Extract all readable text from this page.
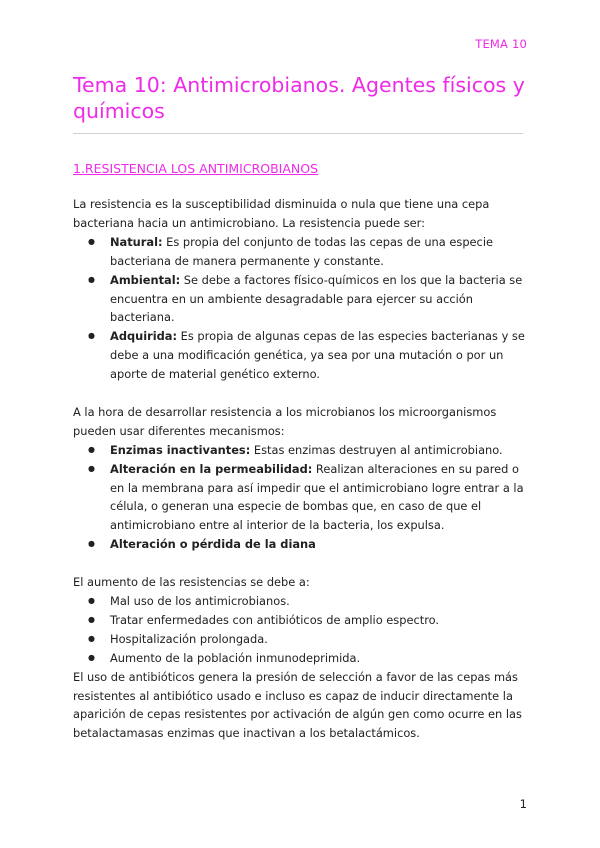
TEMA 10
Tema 10: Antimicrobianos. Agentes físicos y químicos
1.RESISTENCIA LOS ANTIMICROBIANOS

La resistencia es la susceptibilidad disminuida o nula que tiene una cepa bacteriana hacia un antimicrobiano. La resistencia puede ser:

● Natural: Es propia del conjunto de todas las cepas de una especie bacteriana de manera permanente y constante.
● Ambiental: Se debe a factores físico-químicos en los que la bacteria se encuentra en un ambiente desagradable para ejercer su acción bacteriana.
● Adquirida: Es propia de algunas cepas de las especies bacterianas y se debe a una modificación genética, ya sea por una mutación o por un aporte de material genético externo.

A la hora de desarrollar resistencia a los microbianos los microorganismos pueden usar diferentes mecanismos:

● Enzimas inactivantes: Estas enzimas destruyen al antimicrobiano.
● Alteración en la permeabilidad: Realizan alteraciones en su pared o en la membrana para así impedir que el antimicrobiano logre entrar a la célula, o generan una especie de bombas que, en caso de que el antimicrobiano entre al interior de la bacteria, los expulsa.
● Alteración o pérdida de la diana

El aumento de las resistencias se debe a:

● Mal uso de los antimicrobianos.
● Tratar enfermedades con antibióticos de amplio espectro.
● Hospitalización prolongada.
● Aumento de la población inmunodeprimida.

El uso de antibióticos genera la presión de selección a favor de las cepas más resistentes al antibiótico usado e incluso es capaz de inducir directamente la aparición de cepas resistentes por activación de algún gen como ocurre en las betalactamasas enzimas que inactivan a los betalactámicos.

1
